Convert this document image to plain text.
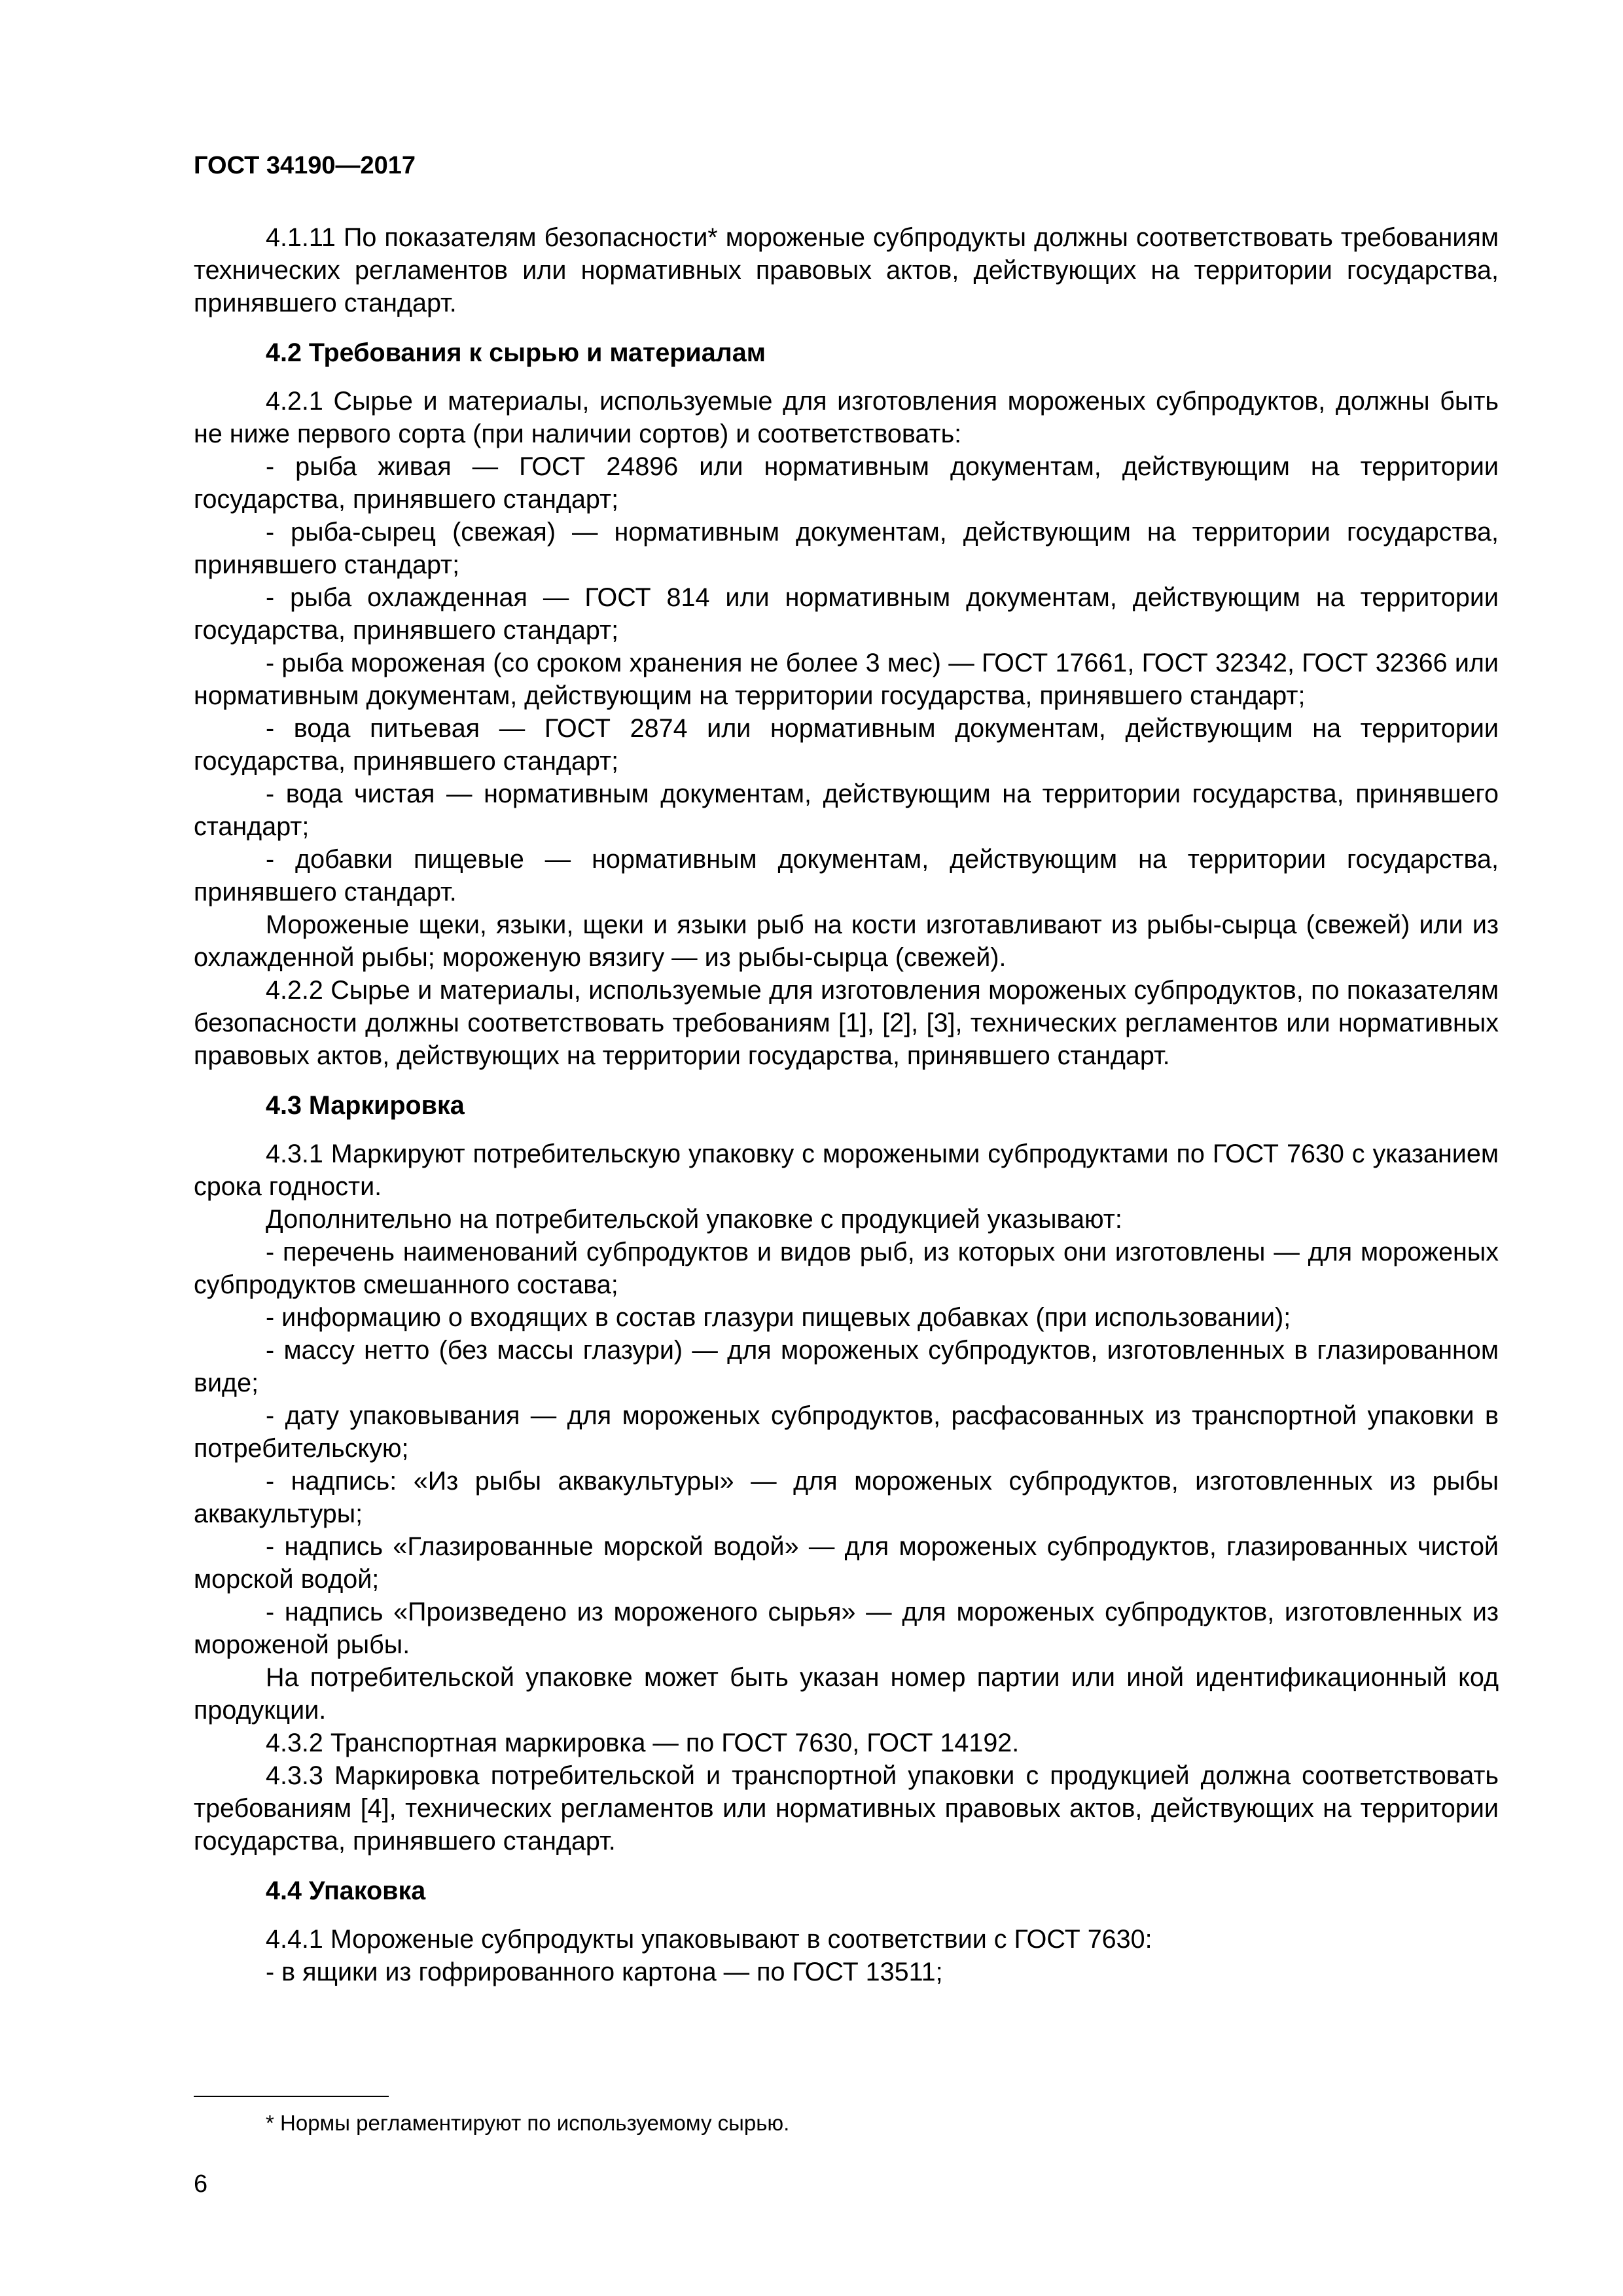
ГОСТ 34190—2017

4.1.11 По показателям безопасности* мороженые субпродукты должны соответствовать требованиям технических регламентов или нормативных правовых актов, действующих на территории государства, принявшего стандарт.

4.2 Требования к сырью и материалам

4.2.1 Сырье и материалы, используемые для изготовления мороженых субпродуктов, должны быть не ниже первого сорта (при наличии сортов) и соответствовать:

- рыба живая — ГОСТ 24896 или нормативным документам, действующим на территории государства, принявшего стандарт;

- рыба-сырец (свежая) — нормативным документам, действующим на территории государства, принявшего стандарт;

- рыба охлажденная — ГОСТ 814 или нормативным документам, действующим на территории государства, принявшего стандарт;

- рыба мороженая (со сроком хранения не более 3 мес) — ГОСТ 17661, ГОСТ 32342, ГОСТ 32366 или нормативным документам, действующим на территории государства, принявшего стандарт;

- вода питьевая — ГОСТ 2874 или нормативным документам, действующим на территории государства, принявшего стандарт;

- вода чистая — нормативным документам, действующим на территории государства, принявшего стандарт;

- добавки пищевые — нормативным документам, действующим на территории государства, принявшего стандарт.

Мороженые щеки, языки, щеки и языки рыб на кости изготавливают из рыбы-сырца (свежей) или из охлажденной рыбы; мороженую вязигу — из рыбы-сырца (свежей).

4.2.2 Сырье и материалы, используемые для изготовления мороженых субпродуктов, по показателям безопасности должны соответствовать требованиям [1], [2], [3], технических регламентов или нормативных правовых актов, действующих на территории государства, принявшего стандарт.

4.3 Маркировка

4.3.1 Маркируют потребительскую упаковку с морожеными субпродуктами по ГОСТ 7630 с указанием срока годности.

Дополнительно на потребительской упаковке с продукцией указывают:

- перечень наименований субпродуктов и видов рыб, из которых они изготовлены — для мороженых субпродуктов смешанного состава;

- информацию о входящих в состав глазури пищевых добавках (при использовании);

- массу нетто (без массы глазури) — для мороженых субпродуктов, изготовленных в глазированном виде;

- дату упаковывания — для мороженых субпродуктов, расфасованных из транспортной упаковки в потребительскую;

- надпись: «Из рыбы аквакультуры» — для мороженых субпродуктов, изготовленных из рыбы аквакультуры;

- надпись «Глазированные морской водой» — для мороженых субпродуктов, глазированных чистой морской водой;

- надпись «Произведено из мороженого сырья» — для мороженых субпродуктов, изготовленных из мороженой рыбы.

На потребительской упаковке может быть указан номер партии или иной идентификационный код продукции.

4.3.2 Транспортная маркировка — по ГОСТ 7630, ГОСТ 14192.

4.3.3 Маркировка потребительской и транспортной упаковки с продукцией должна соответствовать требованиям [4], технических регламентов или нормативных правовых актов, действующих на территории государства, принявшего стандарт.

4.4 Упаковка

4.4.1 Мороженые субпродукты упаковывают в соответствии с ГОСТ 7630:

- в ящики из гофрированного картона — по ГОСТ 13511;

* Нормы регламентируют по используемому сырью.
6
